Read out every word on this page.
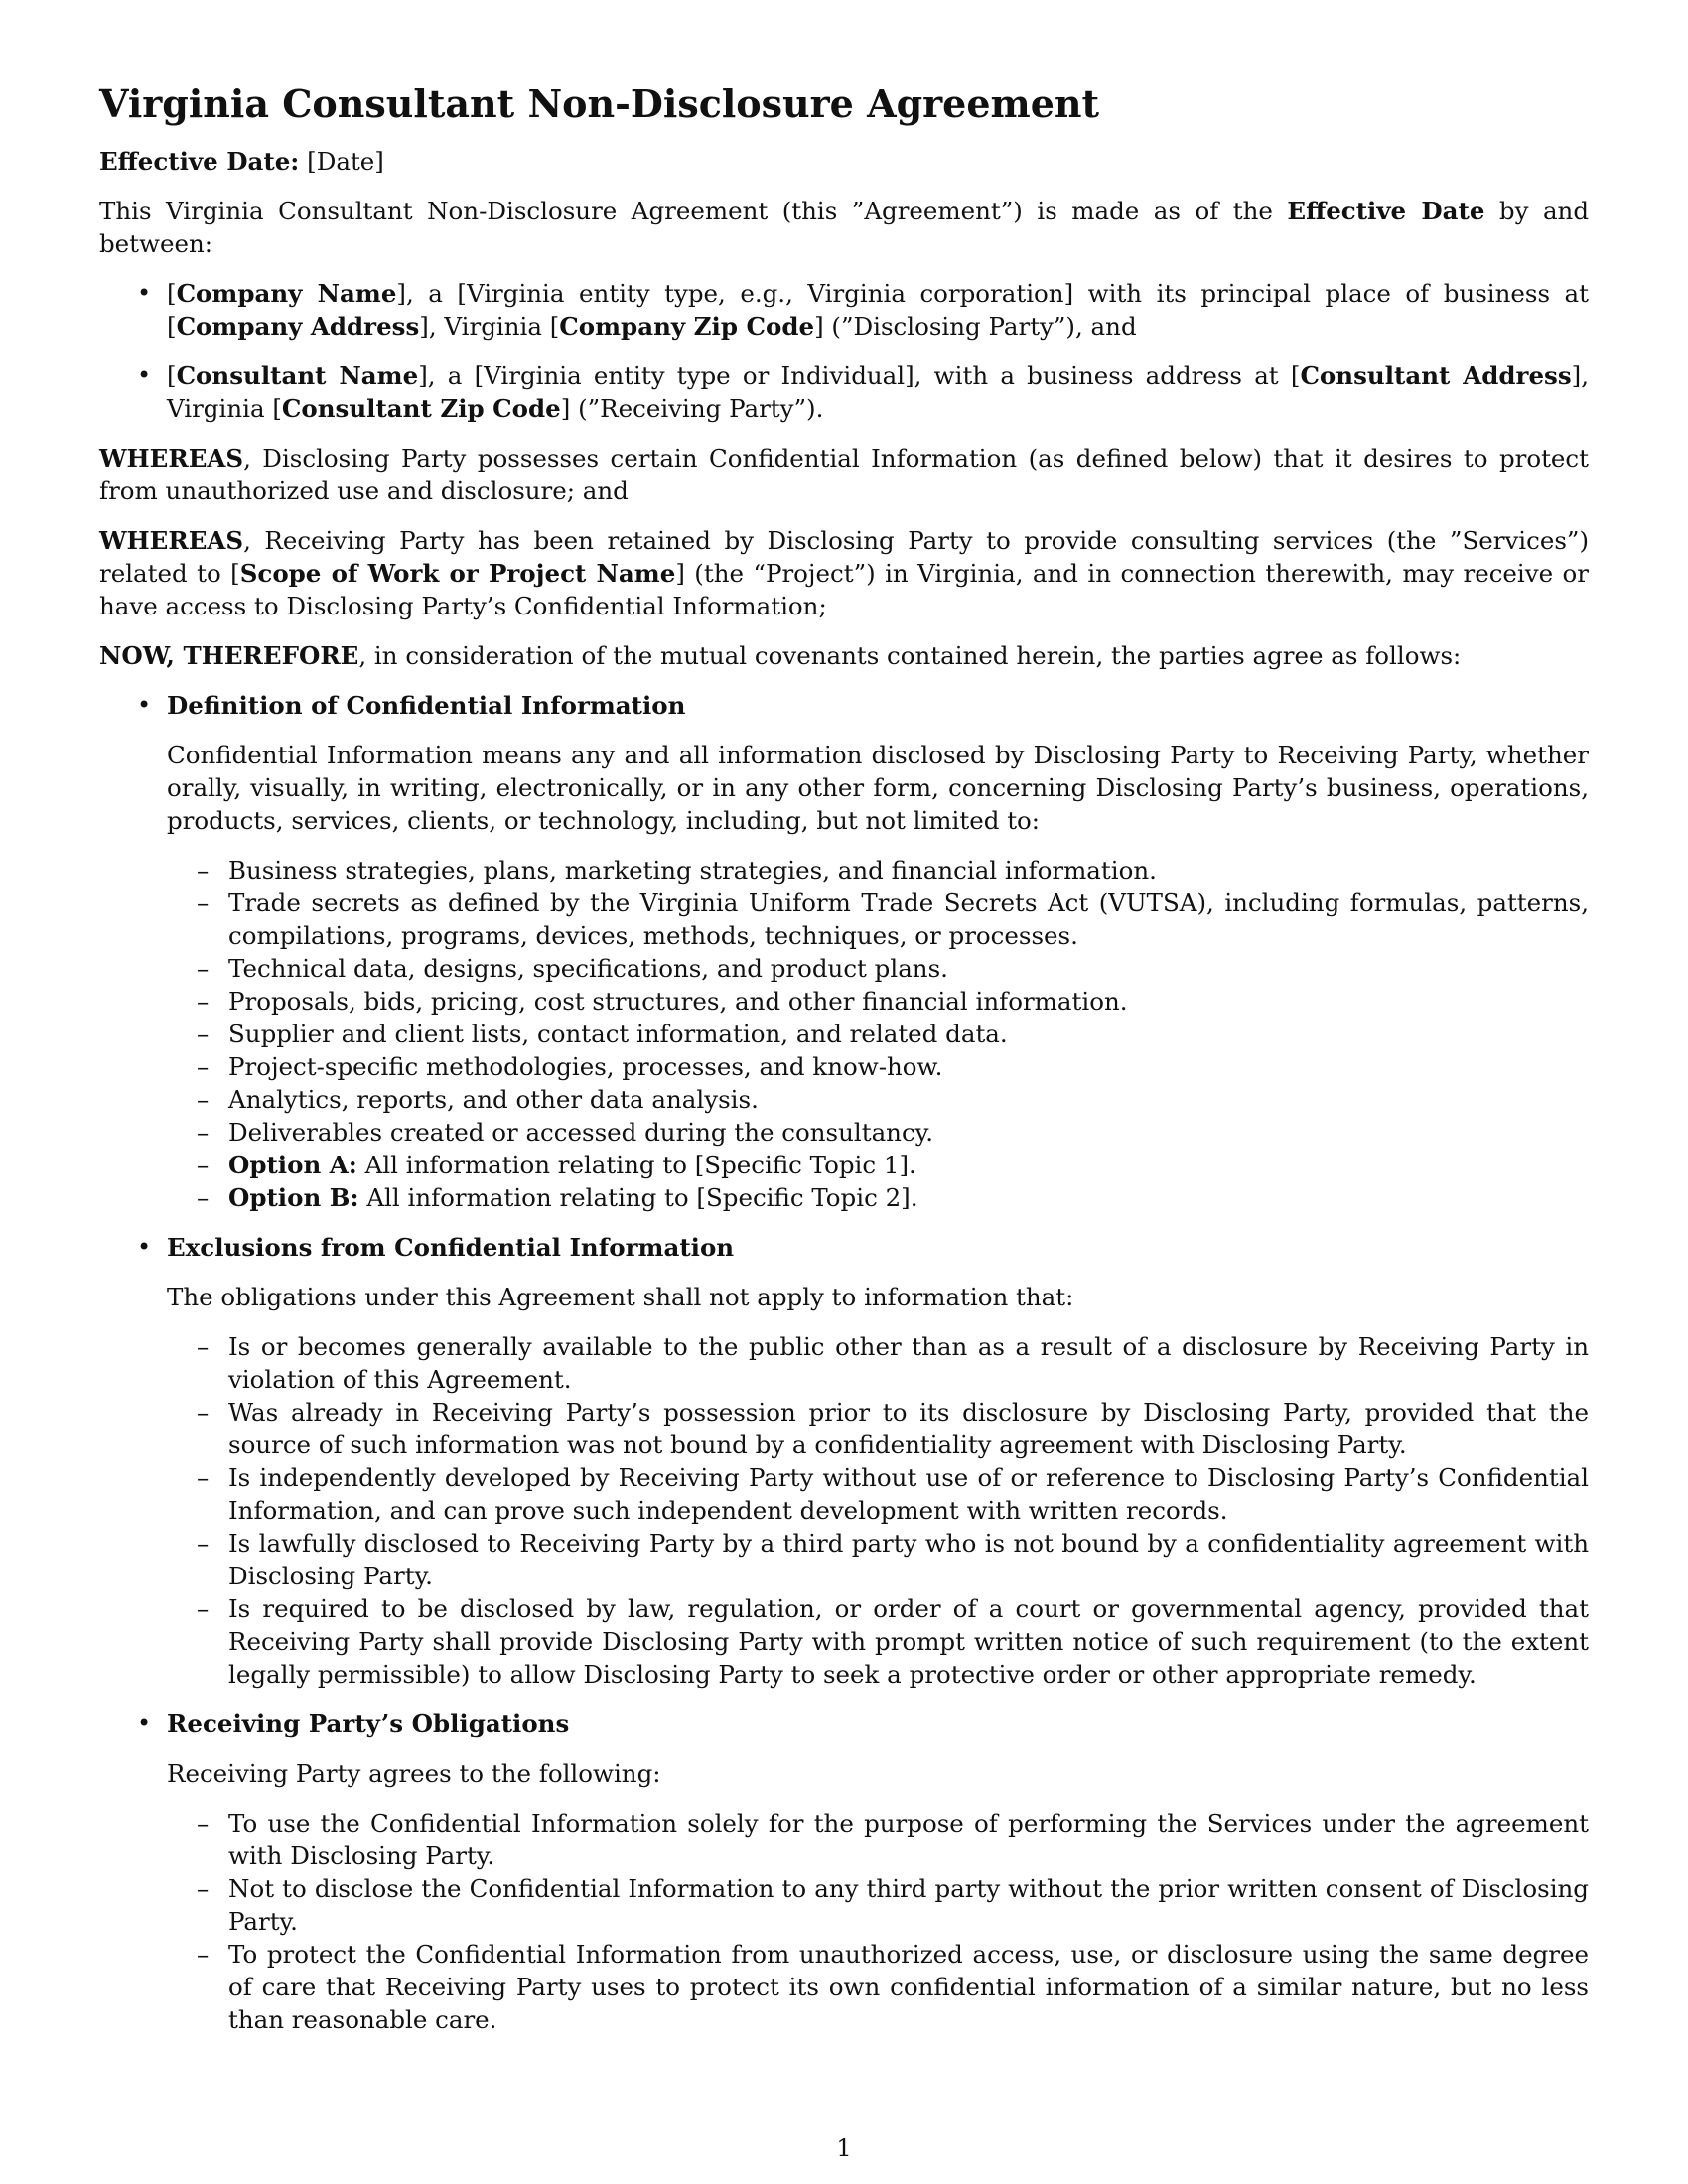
Virginia Consultant Non-Disclosure Agreement

Effective Date: [Date]

This Virginia Consultant Non-Disclosure Agreement (this ”Agreement”) is made as of the Effective Date by and between:

• [Company Name], a [Virginia entity type, e.g., Virginia corporation] with its principal place of business at [Company Address], Virginia [Company Zip Code] (”Disclosing Party”), and
• [Consultant Name], a [Virginia entity type or Individual], with a business address at [Consultant Address], Virginia [Consultant Zip Code] (”Receiving Party”).

WHEREAS, Disclosing Party possesses certain Confidential Information (as defined below) that it desires to protect from unauthorized use and disclosure; and

WHEREAS, Receiving Party has been retained by Disclosing Party to provide consulting services (the ”Services”) related to [Scope of Work or Project Name] (the “Project”) in Virginia, and in connection therewith, may receive or have access to Disclosing Party’s Confidential Information;

NOW, THEREFORE, in consideration of the mutual covenants contained herein, the parties agree as follows:

• Definition of Confidential Information
Confidential Information means any and all information disclosed by Disclosing Party to Receiving Party, whether orally, visually, in writing, electronically, or in any other form, concerning Disclosing Party’s business, operations, products, services, clients, or technology, including, but not limited to:
– Business strategies, plans, marketing strategies, and financial information.
– Trade secrets as defined by the Virginia Uniform Trade Secrets Act (VUTSA), including formulas, patterns, compilations, programs, devices, methods, techniques, or processes.
– Technical data, designs, specifications, and product plans.
– Proposals, bids, pricing, cost structures, and other financial information.
– Supplier and client lists, contact information, and related data.
– Project-specific methodologies, processes, and know-how.
– Analytics, reports, and other data analysis.
– Deliverables created or accessed during the consultancy.
– Option A: All information relating to [Specific Topic 1].
– Option B: All information relating to [Specific Topic 2].
• Exclusions from Confidential Information
The obligations under this Agreement shall not apply to information that:
– Is or becomes generally available to the public other than as a result of a disclosure by Receiving Party in violation of this Agreement.
– Was already in Receiving Party’s possession prior to its disclosure by Disclosing Party, provided that the source of such information was not bound by a confidentiality agreement with Disclosing Party.
– Is independently developed by Receiving Party without use of or reference to Disclosing Party’s Confidential Information, and can prove such independent development with written records.
– Is lawfully disclosed to Receiving Party by a third party who is not bound by a confidentiality agreement with Disclosing Party.
– Is required to be disclosed by law, regulation, or order of a court or governmental agency, provided that Receiving Party shall provide Disclosing Party with prompt written notice of such requirement (to the extent legally permissible) to allow Disclosing Party to seek a protective order or other appropriate remedy.
• Receiving Party’s Obligations
Receiving Party agrees to the following:
– To use the Confidential Information solely for the purpose of performing the Services under the agreement with Disclosing Party.
– Not to disclose the Confidential Information to any third party without the prior written consent of Disclosing Party.
– To protect the Confidential Information from unauthorized access, use, or disclosure using the same degree of care that Receiving Party uses to protect its own confidential information of a similar nature, but no less than reasonable care.
1
